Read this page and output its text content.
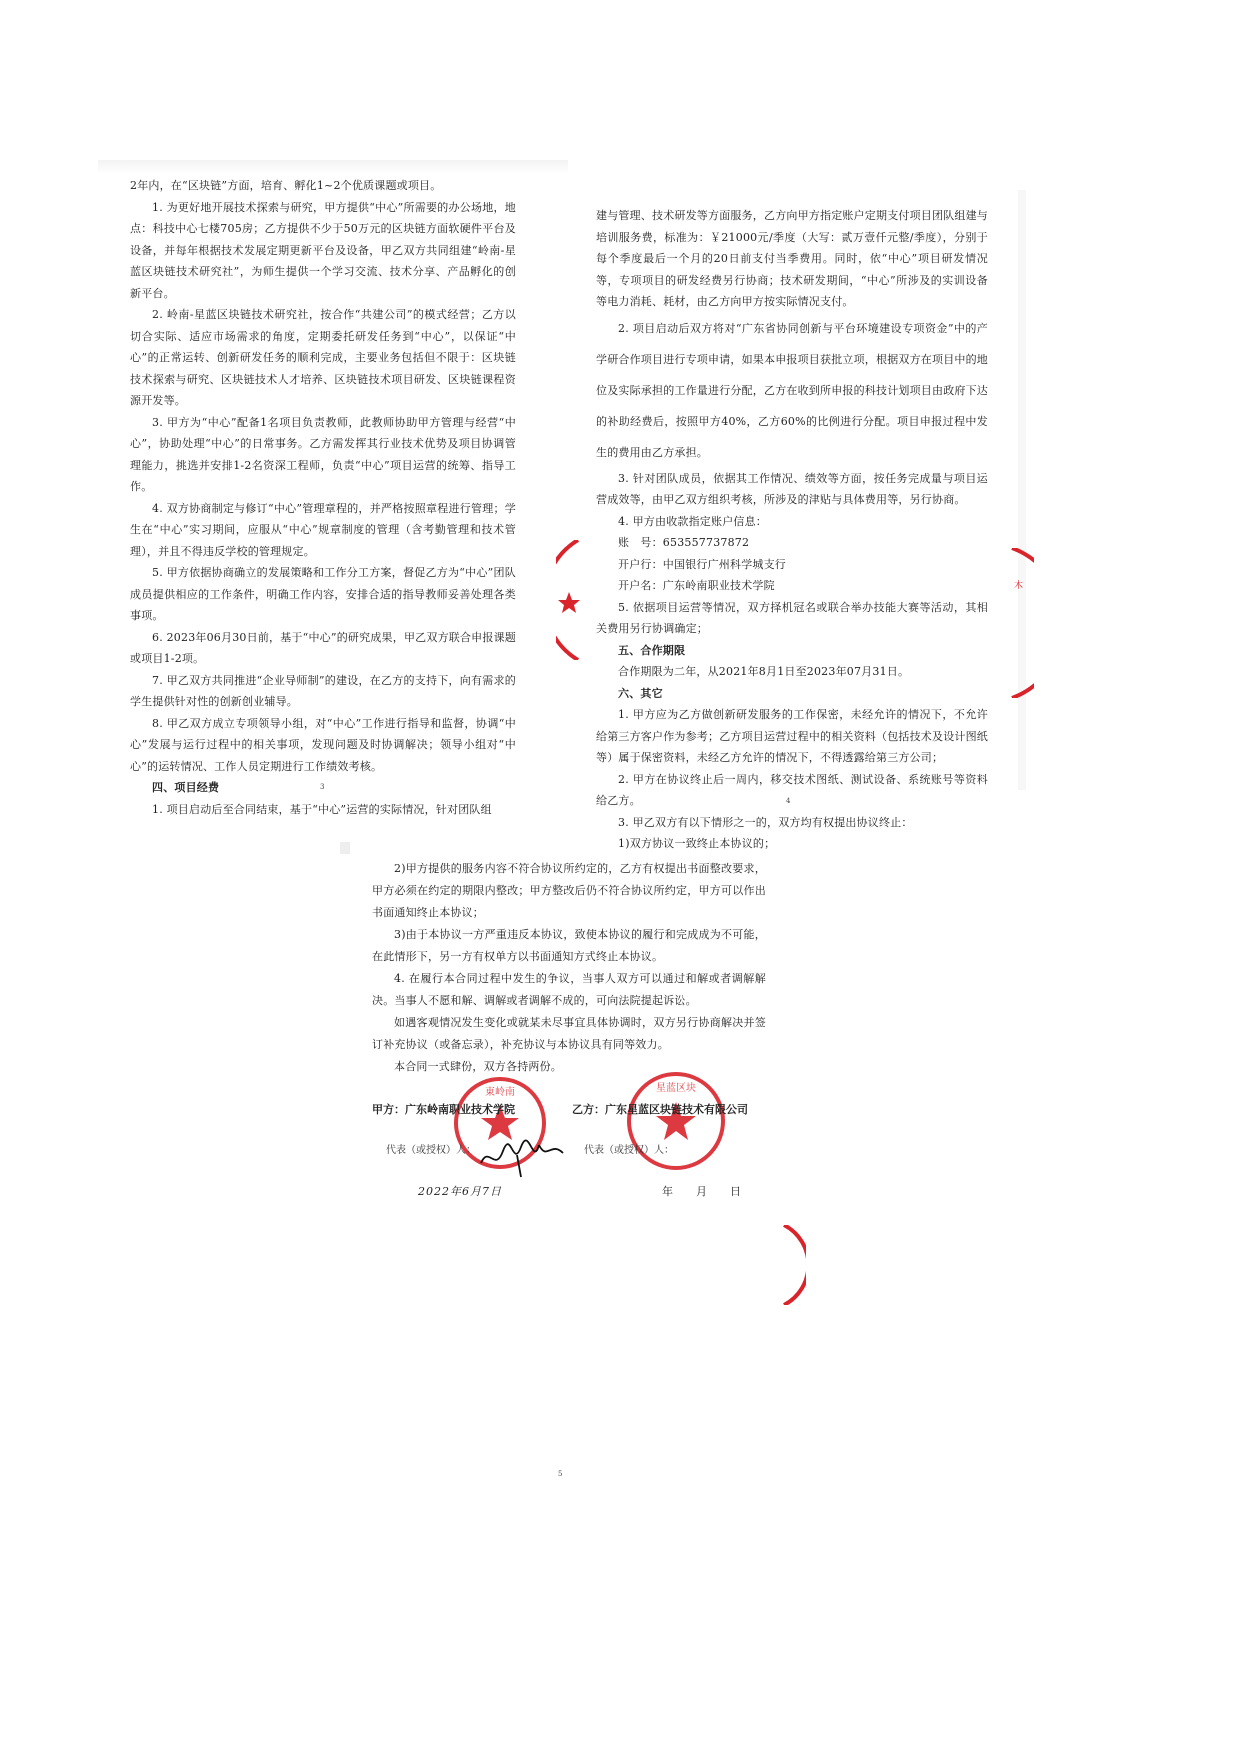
2年内，在“区块链”方面，培育、孵化1~2个优质课题或项目。

1. 为更好地开展技术探索与研究，甲方提供“中心”所需要的办公场地，地点：科技中心七楼705房；乙方提供不少于50万元的区块链方面软硬件平台及设备，并每年根据技术发展定期更新平台及设备，甲乙双方共同组建“岭南-星蓝区块链技术研究社”，为师生提供一个学习交流、技术分享、产品孵化的创新平台。

2. 岭南-星蓝区块链技术研究社，按合作“共建公司”的模式经营；乙方以切合实际、适应市场需求的角度，定期委托研发任务到“中心”，以保证“中心”的正常运转、创新研发任务的顺利完成，主要业务包括但不限于：区块链技术探索与研究、区块链技术人才培养、区块链技术项目研发、区块链课程资源开发等。

3. 甲方为“中心”配备1名项目负责教师，此教师协助甲方管理与经营“中心”，协助处理“中心”的日常事务。乙方需发挥其行业技术优势及项目协调管理能力，挑选并安排1-2名资深工程师，负责“中心”项目运营的统筹、指导工作。

4. 双方协商制定与修订“中心”管理章程的，并严格按照章程进行管理；学生在“中心”实习期间，应服从“中心”规章制度的管理（含考勤管理和技术管理），并且不得违反学校的管理规定。

5. 甲方依据协商确立的发展策略和工作分工方案，督促乙方为“中心”团队成员提供相应的工作条件，明确工作内容，安排合适的指导教师妥善处理各类事项。

6. 2023年06月30日前，基于“中心”的研究成果，甲乙双方联合申报课题或项目1-2项。

7. 甲乙双方共同推进“企业导师制”的建设，在乙方的支持下，向有需求的学生提供针对性的创新创业辅导。

8. 甲乙双方成立专项领导小组，对“中心”工作进行指导和监督，协调“中心”发展与运行过程中的相关事项，发现问题及时协调解决；领导小组对“中心”的运转情况、工作人员定期进行工作绩效考核。

四、项目经费

1. 项目启动后至合同结束，基于“中心”运营的实际情况，针对团队组

3

建与管理、技术研发等方面服务，乙方向甲方指定账户定期支付项目团队组建与培训服务费，标准为：￥21000元/季度（大写：贰万壹仟元整/季度），分别于每个季度最后一个月的20日前支付当季费用。同时，依“中心”项目研发情况等，专项项目的研发经费另行协商；技术研发期间，“中心”所涉及的实训设备等电力消耗、耗材，由乙方向甲方按实际情况支付。

2. 项目启动后双方将对“广东省协同创新与平台环境建设专项资金”中的产学研合作项目进行专项申请，如果本申报项目获批立项，根据双方在项目中的地位及实际承担的工作量进行分配，乙方在收到所申报的科技计划项目由政府下达的补助经费后，按照甲方40%，乙方60%的比例进行分配。项目申报过程中发生的费用由乙方承担。

3. 针对团队成员，依据其工作情况、绩效等方面，按任务完成量与项目运营成效等，由甲乙双方组织考核，所涉及的津贴与具体费用等，另行协商。

4. 甲方由收款指定账户信息：

账　号：653557737872

开户行：中国银行广州科学城支行

开户名：广东岭南职业技术学院

5. 依据项目运营等情况，双方择机冠名或联合举办技能大赛等活动，其相关费用另行协调确定；

五、合作期限

合作期限为二年，从2021年8月1日至2023年07月31日。

六、其它

1. 甲方应为乙方做创新研发服务的工作保密，未经允许的情况下，不允许给第三方客户作为参考；乙方项目运营过程中的相关资料（包括技术及设计图纸等）属于保密资料，未经乙方允许的情况下，不得透露给第三方公司；

2. 甲方在协议终止后一周内，移交技术图纸、测试设备、系统账号等资料给乙方。

3. 甲乙双方有以下情形之一的，双方均有权提出协议终止：

1)双方协议一致终止本协议的；

4
木

2)甲方提供的服务内容不符合协议所约定的，乙方有权提出书面整改要求，甲方必须在约定的期限内整改；甲方整改后仍不符合协议所约定，甲方可以作出书面通知终止本协议；

3)由于本协议一方严重违反本协议，致使本协议的履行和完成成为不可能，在此情形下，另一方有权单方以书面通知方式终止本协议。

4. 在履行本合同过程中发生的争议，当事人双方可以通过和解或者调解解决。当事人不愿和解、调解或者调解不成的，可向法院提起诉讼。

如遇客观情况发生变化或就某未尽事宜具体协调时，双方另行协商解决并签订补充协议（或备忘录），补充协议与本协议具有同等效力。

本合同一式肆份，双方各持两份。

5
東岭南	星蓝区块
甲方：广东岭南职业技术学院	乙方：广东星蓝区块链技术有限公司
代表（或授权）人：	代表（或授权）人：
2022年6月7日	年　月　日
